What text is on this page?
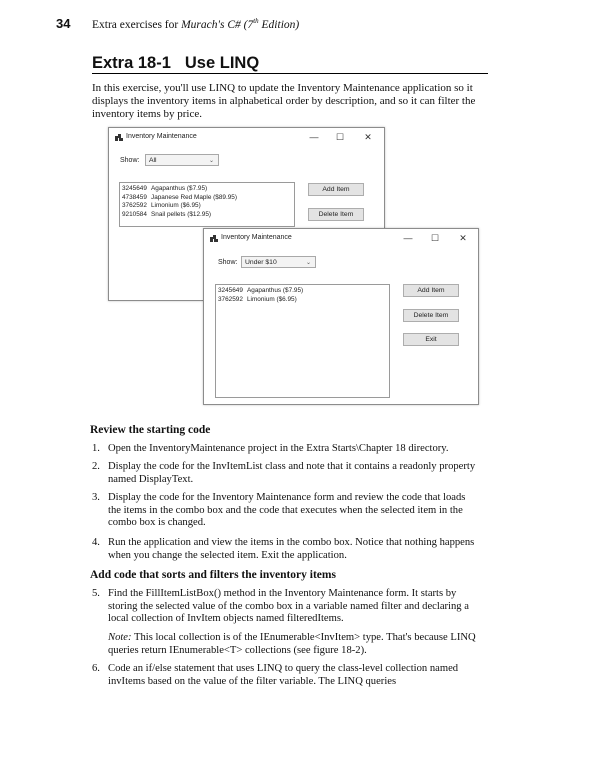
34 Extra exercises for Murach's C# (7th Edition)
Extra 18-1 Use LINQ
In this exercise, you'll use LINQ to update the Inventory Maintenance application so it displays the inventory items in alphabetical order by description, and so it can filter the inventory items by price.
Inventory Maintenance	—	☐	✕
Show:	All	⌄
3245649 Agapanthus ($7.95)
4738459 Japanese Red Maple ($89.95)
3762592 Limonium ($6.95)
9210584 Snail pellets ($12.95)
Add Item
Delete Item
Inventory Maintenance	—	☐	✕
Show:	Under $10	⌄
3245649 Agapanthus ($7.95)
3762592 Limonium ($6.95)
Add Item
Delete Item
Exit
Review the starting code
1. Open the InventoryMaintenance project in the Extra Starts\Chapter 18 directory.
2. Display the code for the InvItemList class and note that it contains a readonly property named DisplayText.
3. Display the code for the Inventory Maintenance form and review the code that loads the items in the combo box and the code that executes when the selected item in the combo box is changed.
4. Run the application and view the items in the combo box. Notice that nothing happens when you change the selected item. Exit the application.
Add code that sorts and filters the inventory items
5. Find the FillItemListBox() method in the Inventory Maintenance form. It starts by storing the selected value of the combo box in a variable named filter and declaring a local collection of InvItem objects named filteredItems.
Note: This local collection is of the IEnumerable<InvItem> type. That's because LINQ queries return IEnumerable<T> collections (see figure 18-2).
6. Code an if/else statement that uses LINQ to query the class-level collection named invItems based on the value of the filter variable. The LINQ queries
